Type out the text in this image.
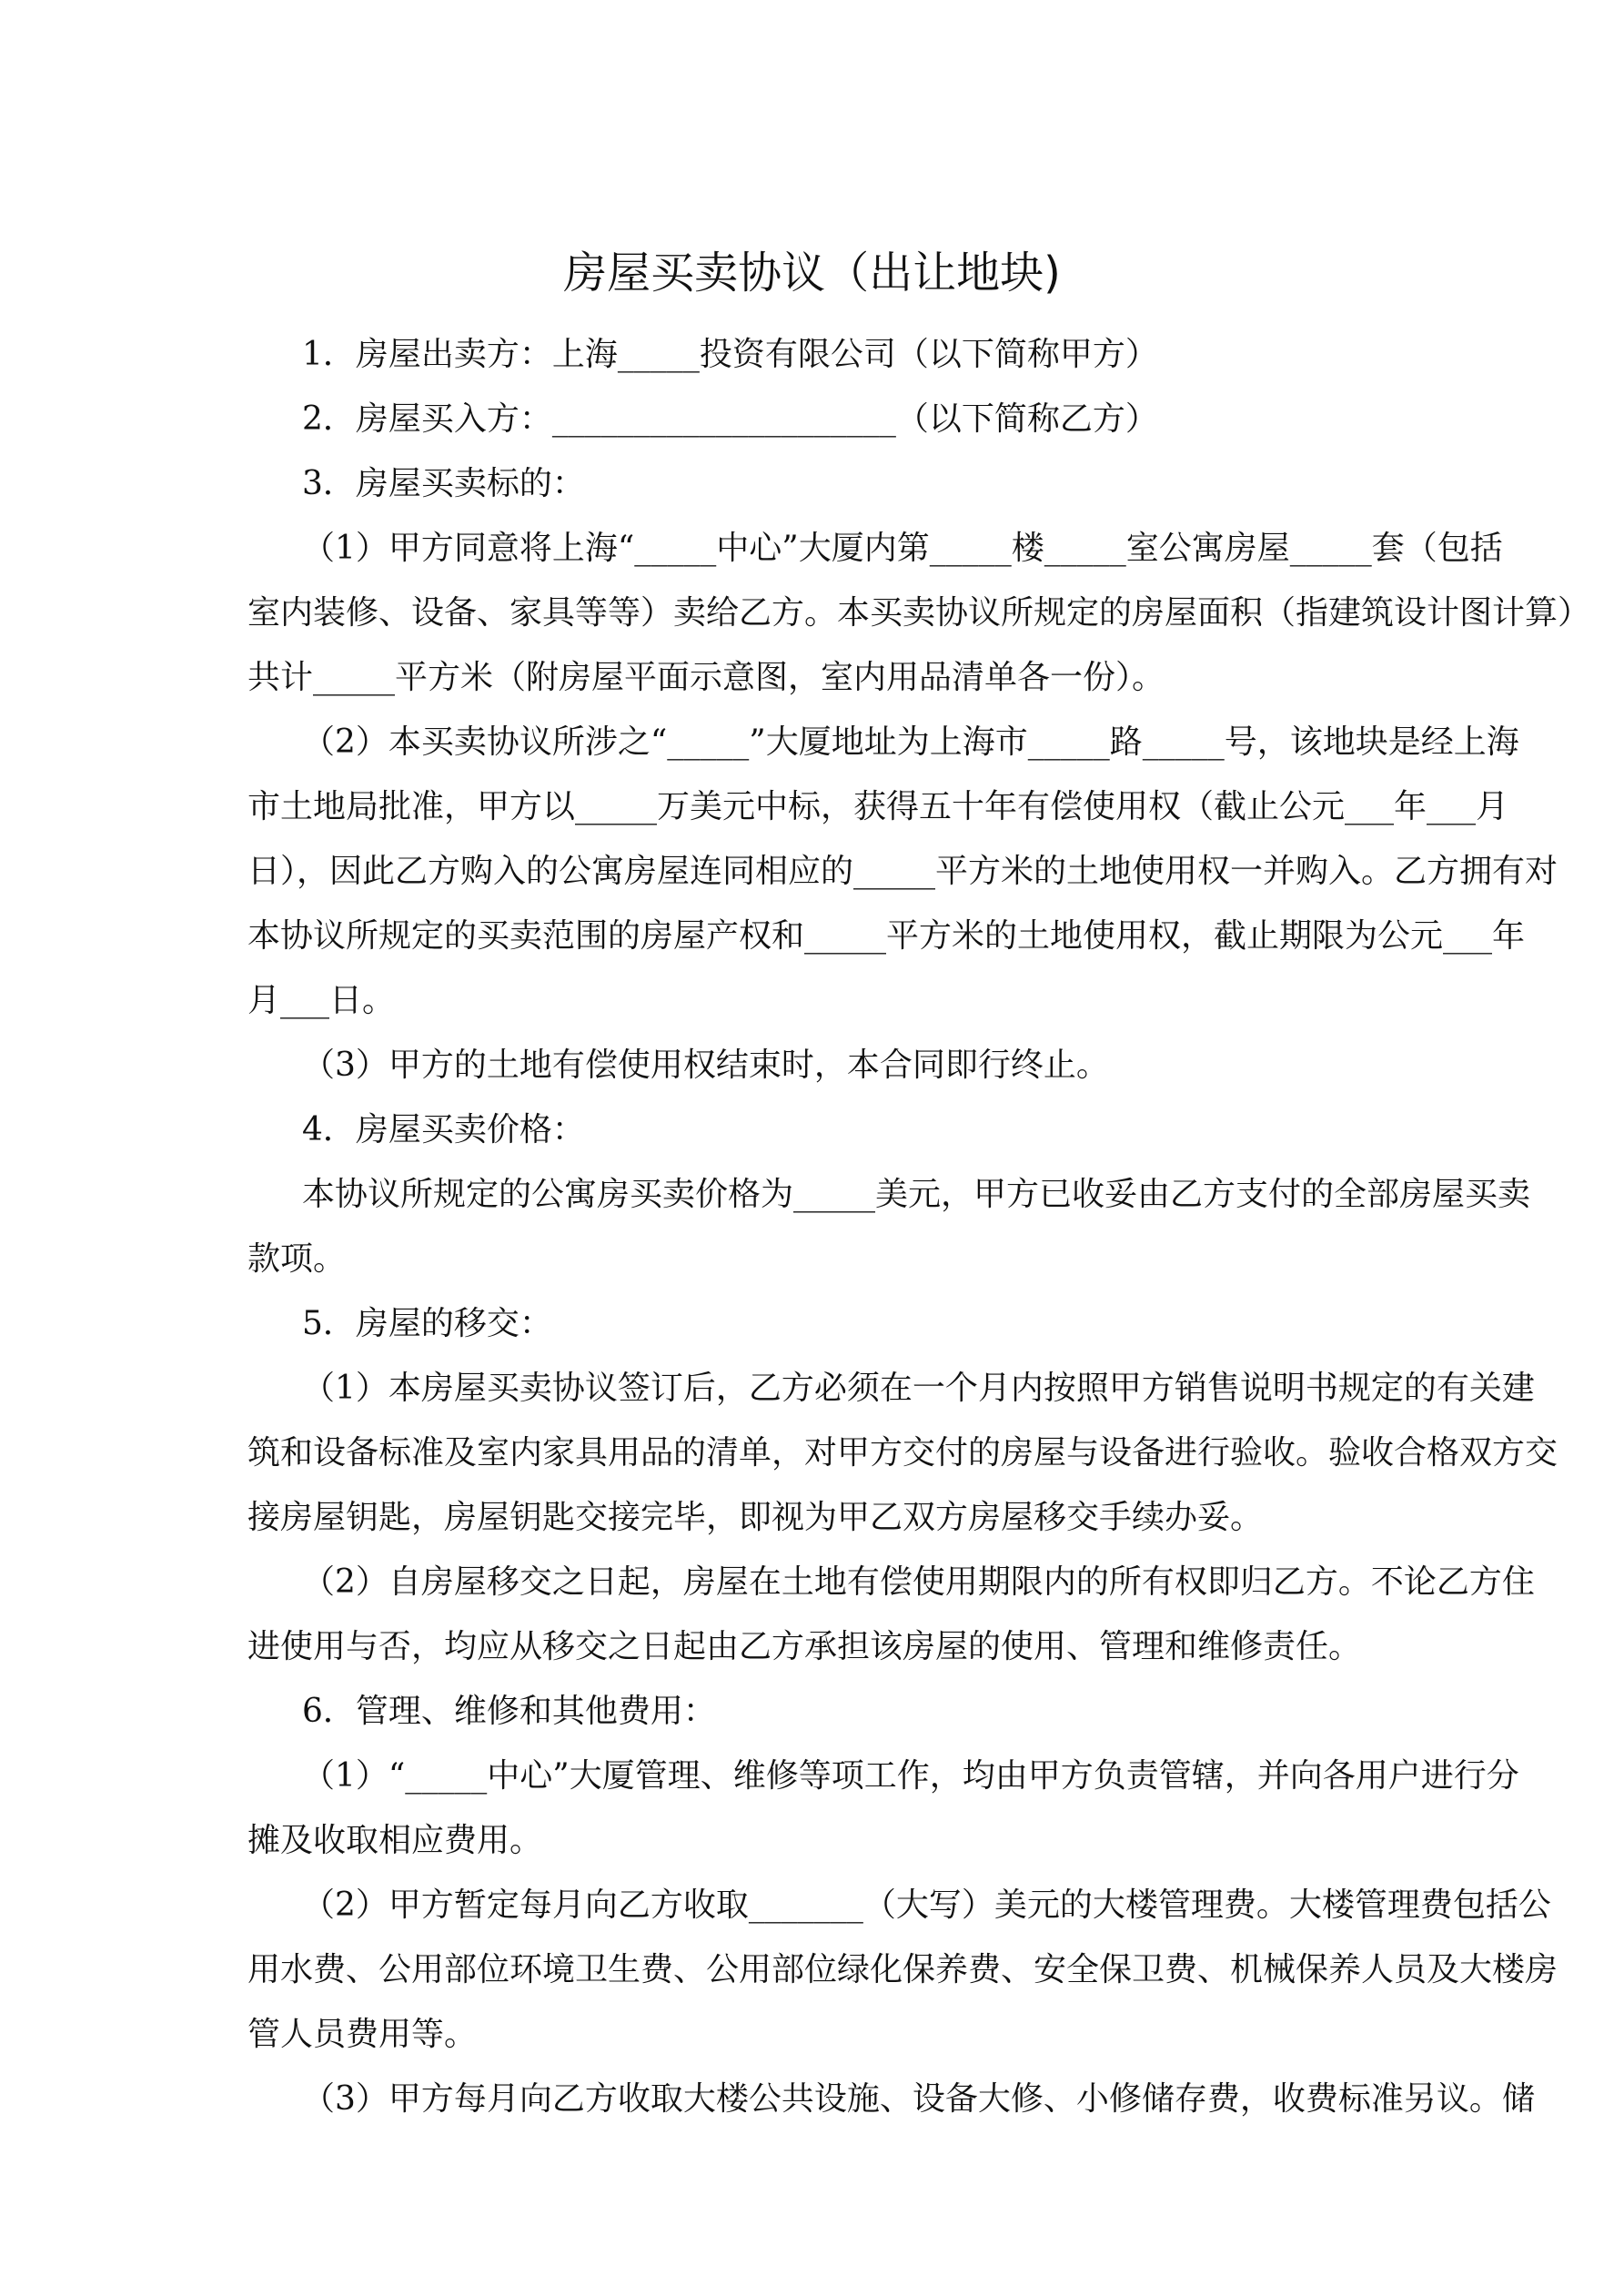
房屋买卖协议（出让地块)
1．房屋出卖方：上海_____投资有限公司（以下简称甲方）
2．房屋买入方：_____________________（以下简称乙方）
3．房屋买卖标的：
（1）甲方同意将上海“_____中心”大厦内第_____楼_____室公寓房屋_____套（包括
室内装修、设备、家具等等）卖给乙方。本买卖协议所规定的房屋面积（指建筑设计图计算）
共计_____平方米（附房屋平面示意图，室内用品清单各一份）。
（2）本买卖协议所涉之“_____”大厦地址为上海市_____路_____号，该地块是经上海
市土地局批准，甲方以_____万美元中标，获得五十年有偿使用权（截止公元___年___月
日），因此乙方购入的公寓房屋连同相应的_____平方米的土地使用权一并购入。乙方拥有对
本协议所规定的买卖范围的房屋产权和_____平方米的土地使用权，截止期限为公元___年
月___日。
（3）甲方的土地有偿使用权结束时，本合同即行终止。
4．房屋买卖价格：
本协议所规定的公寓房买卖价格为_____美元，甲方已收妥由乙方支付的全部房屋买卖
款项。
5．房屋的移交：
（1）本房屋买卖协议签订后，乙方必须在一个月内按照甲方销售说明书规定的有关建
筑和设备标准及室内家具用品的清单，对甲方交付的房屋与设备进行验收。验收合格双方交
接房屋钥匙，房屋钥匙交接完毕，即视为甲乙双方房屋移交手续办妥。
（2）自房屋移交之日起，房屋在土地有偿使用期限内的所有权即归乙方。不论乙方住
进使用与否，均应从移交之日起由乙方承担该房屋的使用、管理和维修责任。
6．管理、维修和其他费用：
（1）“_____中心”大厦管理、维修等项工作，均由甲方负责管辖，并向各用户进行分
摊及收取相应费用。
（2）甲方暂定每月向乙方收取_______（大写）美元的大楼管理费。大楼管理费包括公
用水费、公用部位环境卫生费、公用部位绿化保养费、安全保卫费、机械保养人员及大楼房
管人员费用等。
（3）甲方每月向乙方收取大楼公共设施、设备大修、小修储存费，收费标准另议。储
